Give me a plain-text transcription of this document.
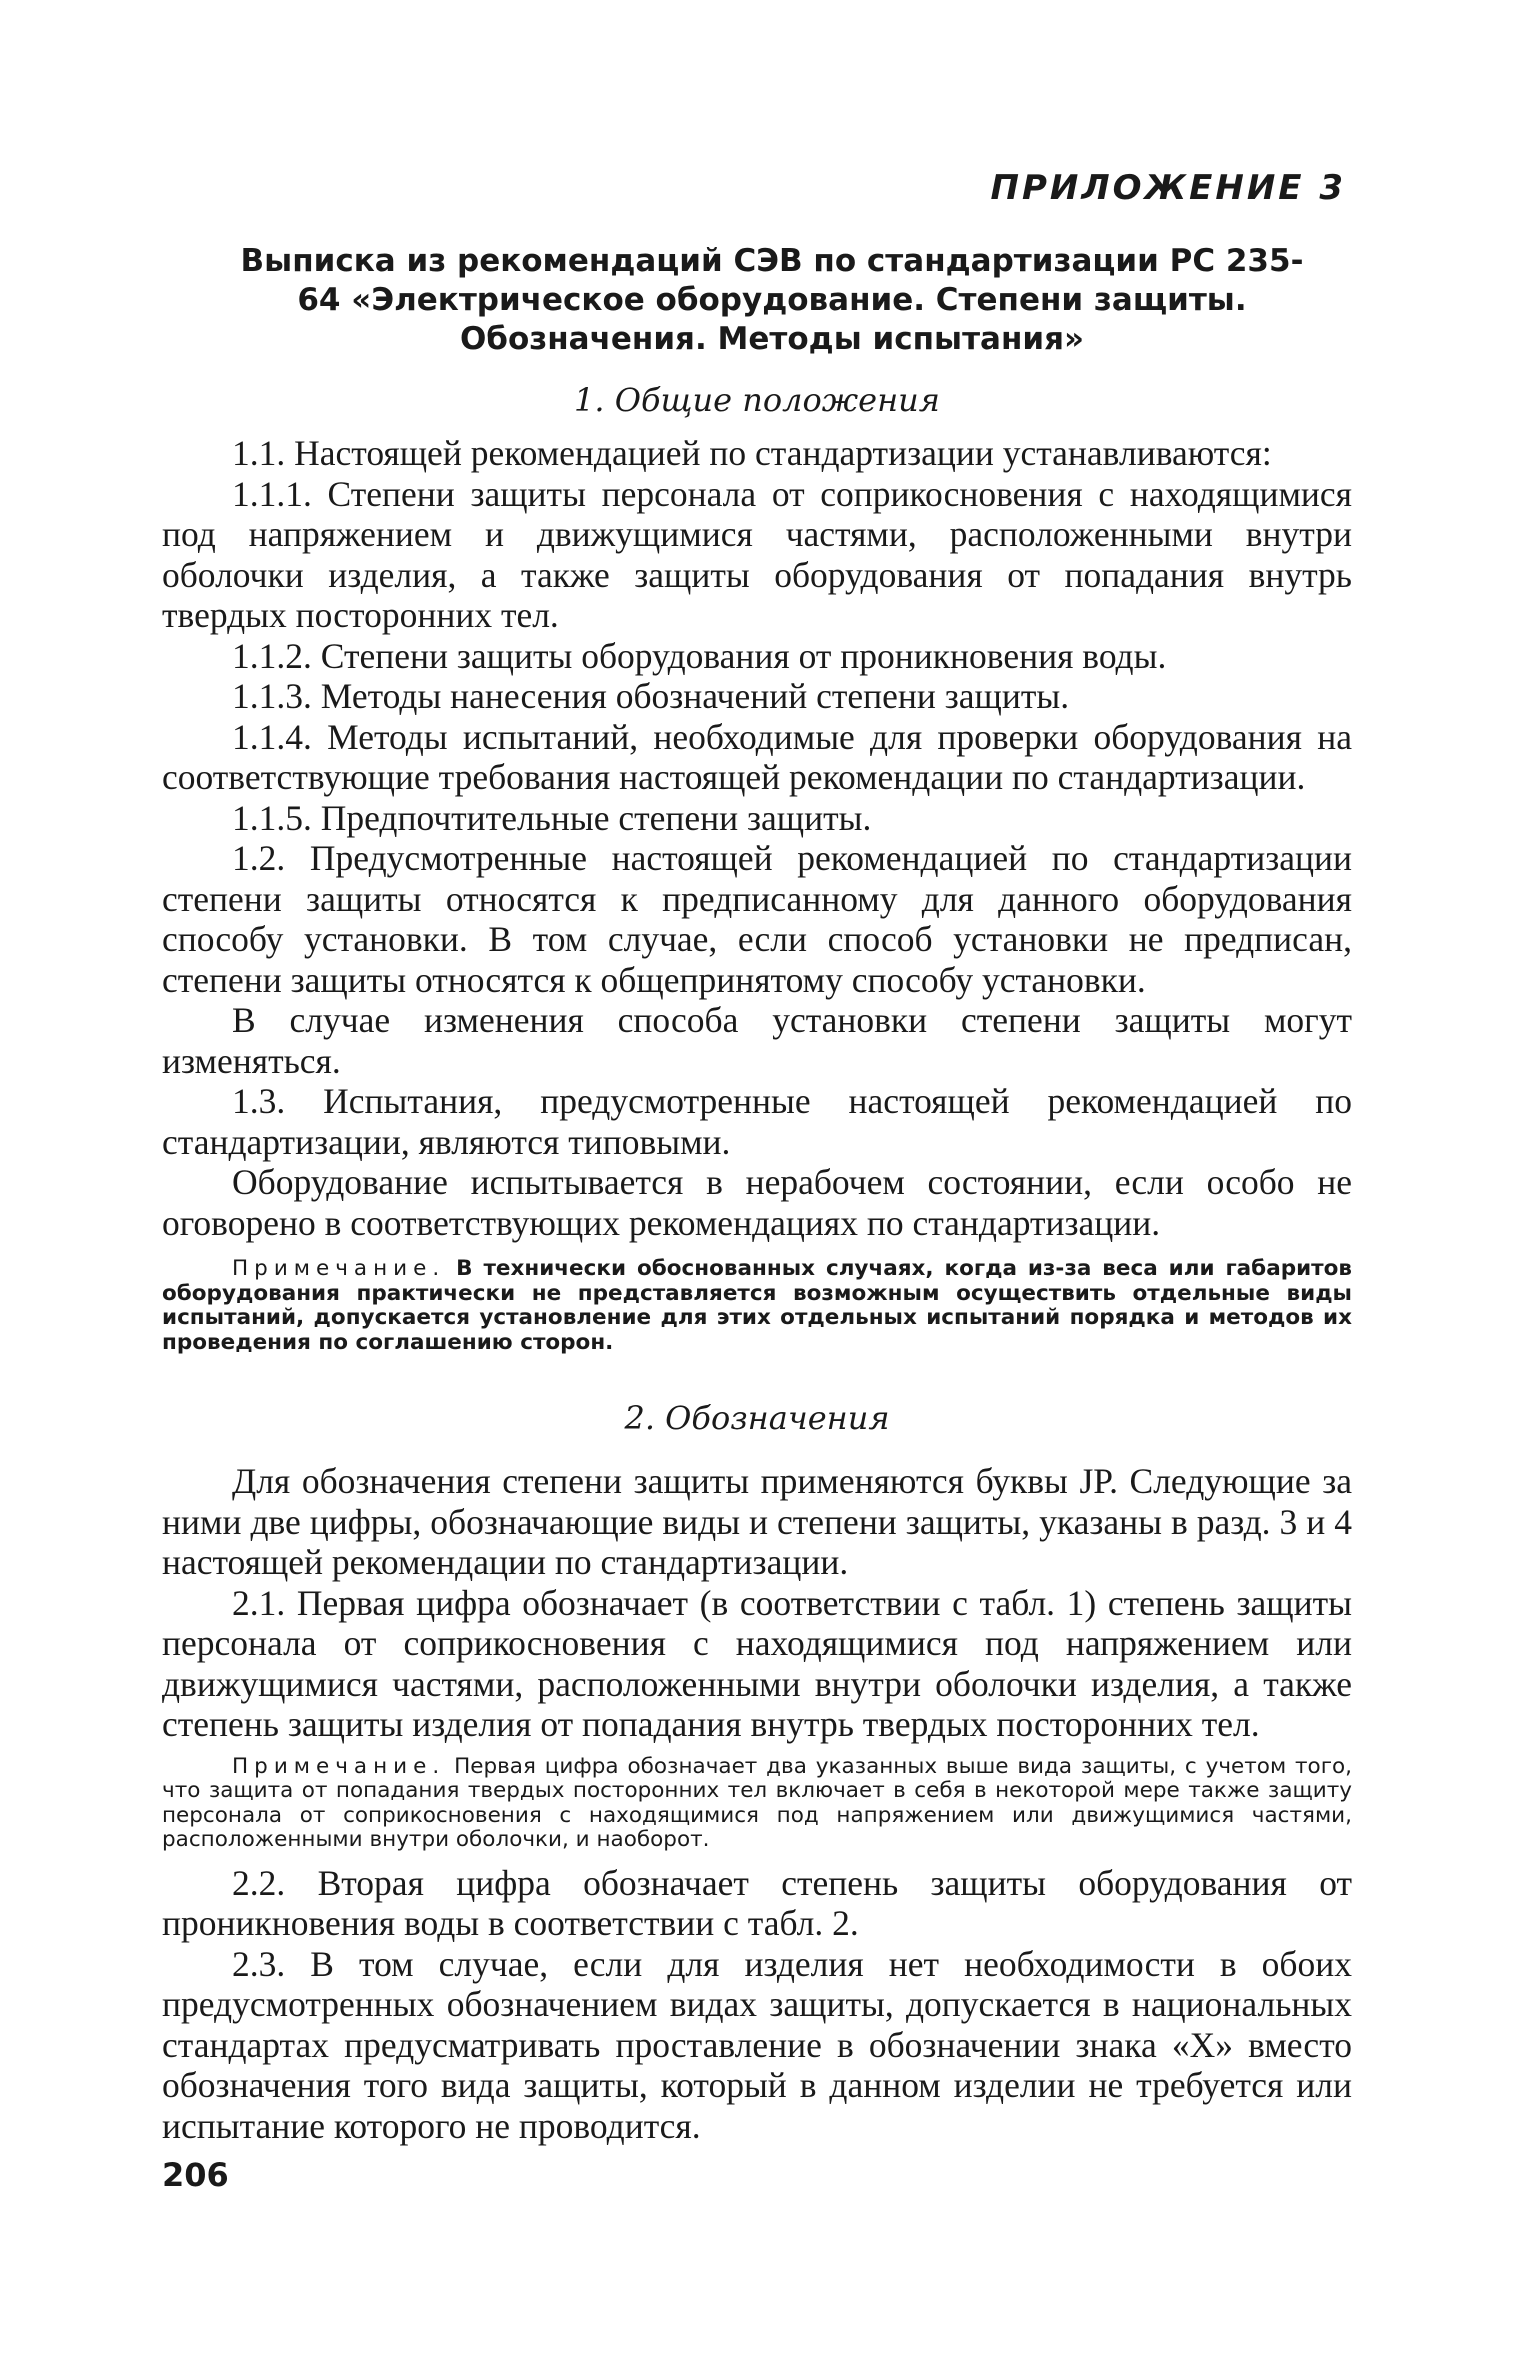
ПРИЛОЖЕНИЕ 3
Выписка из рекомендаций СЭВ по стандартизации РС 235-64 «Электрическое оборудование. Степени защиты. Обозначения. Методы испытания»
1. Общие положения

1.1. Настоящей рекомендацией по стандартизации устанавливаются:

1.1.1. Степени защиты персонала от соприкосновения с находящимися под напряжением и движущимися частями, расположенными внутри оболочки изделия, а также защиты оборудования от попадания внутрь твердых посторонних тел.

1.1.2. Степени защиты оборудования от проникновения воды.

1.1.3. Методы нанесения обозначений степени защиты.

1.1.4. Методы испытаний, необходимые для проверки оборудования на соответствующие требования настоящей рекомендации по стандартизации.

1.1.5. Предпочтительные степени защиты.

1.2. Предусмотренные настоящей рекомендацией по стандартизации степени защиты относятся к предписанному для данного оборудования способу установки. В том случае, если способ установки не предписан, степени защиты относятся к общепринятому способу установки.

В случае изменения способа установки степени защиты могут изменяться.

1.3. Испытания, предусмотренные настоящей рекомендацией по стандартизации, являются типовыми.

Оборудование испытывается в нерабочем состоянии, если особо не оговорено в соответствующих рекомендациях по стандартизации.

Примечание. В технически обоснованных случаях, когда из-за веса или габаритов оборудования практически не представляется возможным осуществить отдельные виды испытаний, допускается установление для этих отдельных испытаний порядка и методов их проведения по соглашению сторон.

2. Обозначения

Для обозначения степени защиты применяются буквы JP. Следующие за ними две цифры, обозначающие виды и степени защиты, указаны в разд. 3 и 4 настоящей рекомендации по стандартизации.

2.1. Первая цифра обозначает (в соответствии с табл. 1) степень защиты персонала от соприкосновения с находящимися под напряжением или движущимися частями, расположенными внутри оболочки изделия, а также степень защиты изделия от попадания внутрь твердых посторонних тел.

Примечание. Первая цифра обозначает два указанных выше вида защиты, с учетом того, что защита от попадания твердых посторонних тел включает в себя в некоторой мере также защиту персонала от соприкосновения с находящимися под напряжением или движущимися частями, расположенными внутри оболочки, и наоборот.

2.2. Вторая цифра обозначает степень защиты оборудования от проникновения воды в соответствии с табл. 2.

2.3. В том случае, если для изделия нет необходимости в обоих предусмотренных обозначением видах защиты, допускается в национальных стандартах предусматривать проставление в обозначении знака «Х» вместо обозначения того вида защиты, который в данном изделии не требуется или испытание которого не проводится.

206
